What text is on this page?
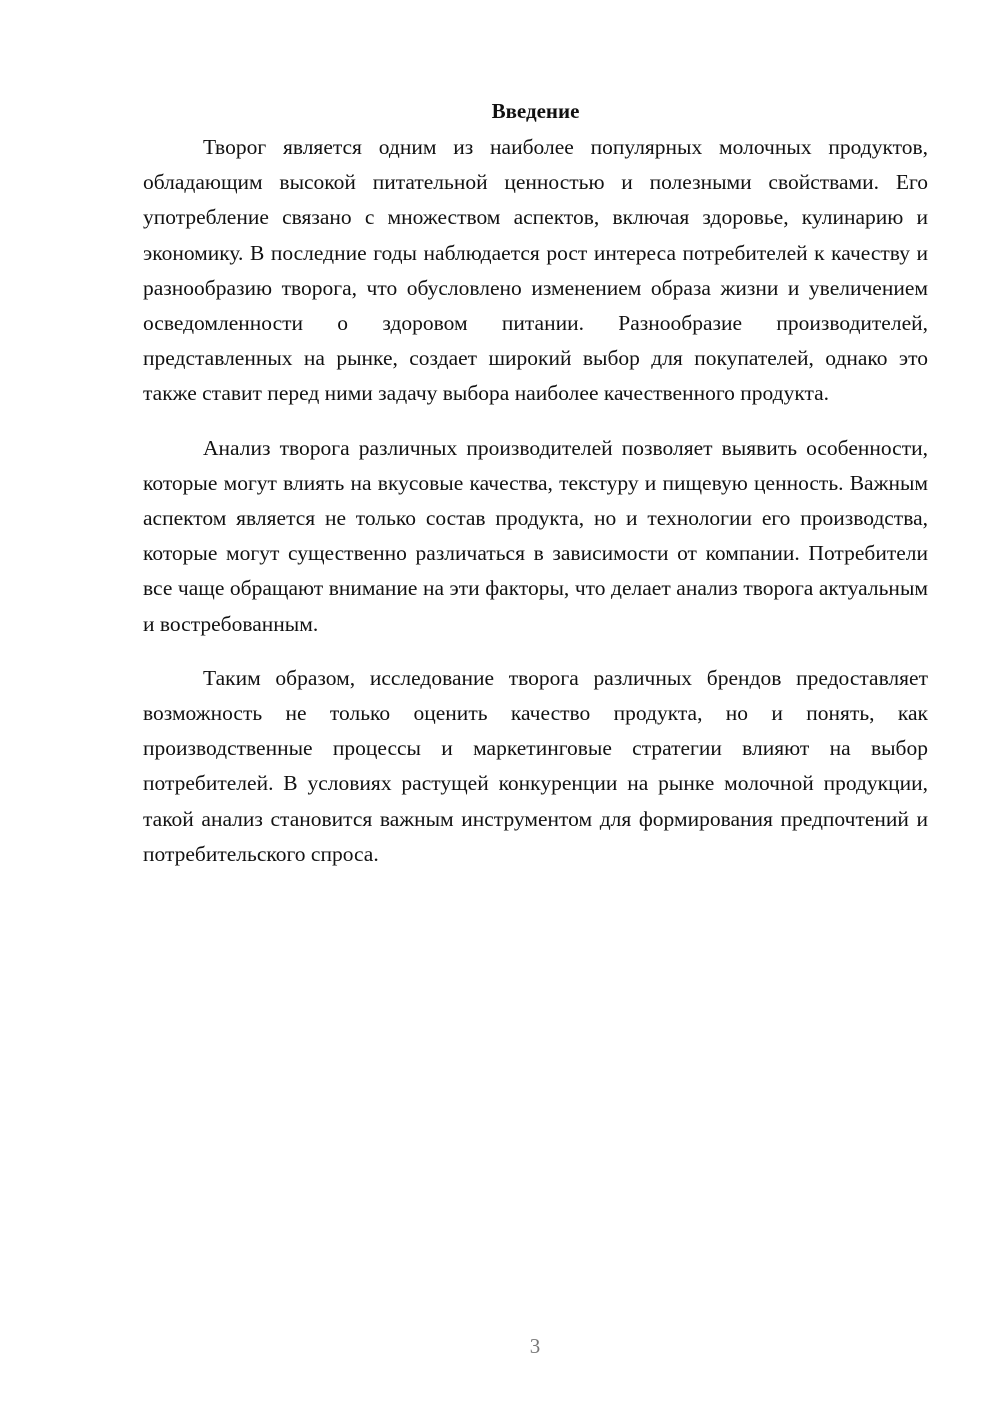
Введение

Творог является одним из наиболее популярных молочных продуктов, обладающим высокой питательной ценностью и полезными свойствами. Его употребление связано с множеством аспектов, включая здоровье, кулинарию и экономику. В последние годы наблюдается рост интереса потребителей к качеству и разнообразию творога, что обусловлено изменением образа жизни и увеличением осведомленности о здоровом питании. Разнообразие производителей, представленных на рынке, создает широкий выбор для покупателей, однако это также ставит перед ними задачу выбора наиболее качественного продукта.

Анализ творога различных производителей позволяет выявить особенности, которые могут влиять на вкусовые качества, текстуру и пищевую ценность. Важным аспектом является не только состав продукта, но и технологии его производства, которые могут существенно различаться в зависимости от компании. Потребители все чаще обращают внимание на эти факторы, что делает анализ творога актуальным и востребованным.

Таким образом, исследование творога различных брендов предоставляет возможность не только оценить качество продукта, но и понять, как производственные процессы и маркетинговые стратегии влияют на выбор потребителей. В условиях растущей конкуренции на рынке молочной продукции, такой анализ становится важным инструментом для формирования предпочтений и потребительского спроса.

3
